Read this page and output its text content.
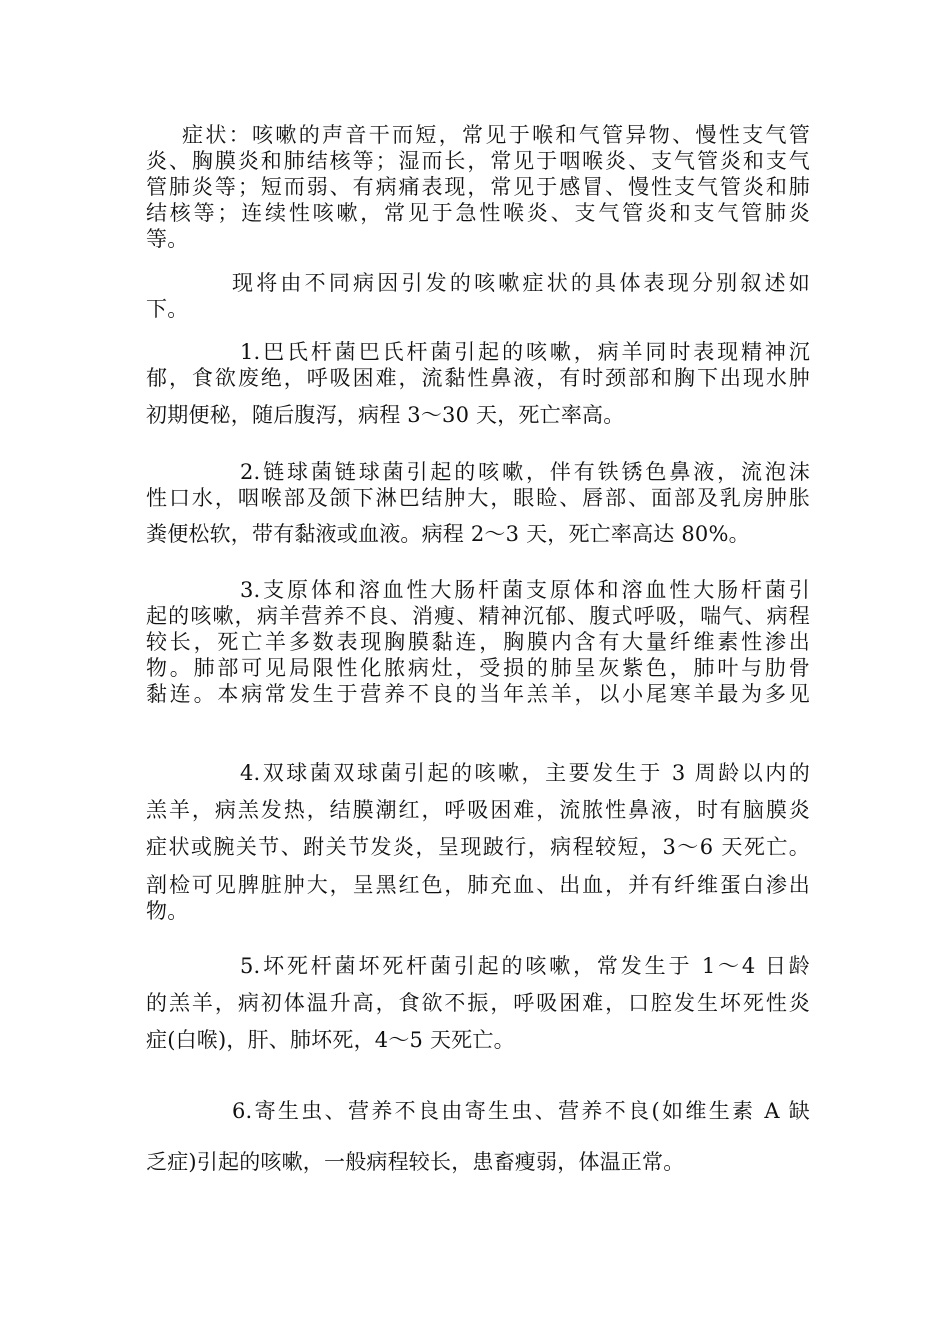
症状：咳嗽的声音干而短，常见于喉和气管异物、慢性支气管
炎、胸膜炎和肺结核等；湿而长，常见于咽喉炎、支气管炎和支气
管肺炎等；短而弱、有病痛表现，常见于感冒、慢性支气管炎和肺
结核等；连续性咳嗽，常见于急性喉炎、支气管炎和支气管肺炎
等。
现将由不同病因引发的咳嗽症状的具体表现分别叙述如
下。
1.巴氏杆菌巴氏杆菌引起的咳嗽，病羊同时表现精神沉
郁，食欲废绝，呼吸困难，流黏性鼻液，有时颈部和胸下出现水肿
初期便秘，随后腹泻，病程 3～30 天，死亡率高。
2.链球菌链球菌引起的咳嗽，伴有铁锈色鼻液，流泡沫
性口水，咽喉部及颌下淋巴结肿大，眼睑、唇部、面部及乳房肿胀
粪便松软，带有黏液或血液。病程 2～3 天，死亡率高达 80%。
3.支原体和溶血性大肠杆菌支原体和溶血性大肠杆菌引
起的咳嗽，病羊营养不良、消瘦、精神沉郁、腹式呼吸，喘气、病程
较长，死亡羊多数表现胸膜黏连，胸膜内含有大量纤维素性渗出
物。肺部可见局限性化脓病灶，受损的肺呈灰紫色，肺叶与肋骨
黏连。本病常发生于营养不良的当年羔羊，以小尾寒羊最为多见
4.双球菌双球菌引起的咳嗽，主要发生于 3 周龄以内的
羔羊，病羔发热，结膜潮红，呼吸困难，流脓性鼻液，时有脑膜炎
症状或腕关节、跗关节发炎，呈现跛行，病程较短，3～6 天死亡。
剖检可见脾脏肿大，呈黑红色，肺充血、出血，并有纤维蛋白渗出
物。
5.坏死杆菌坏死杆菌引起的咳嗽，常发生于 1～4 日龄
的羔羊，病初体温升高，食欲不振，呼吸困难，口腔发生坏死性炎
症(白喉)，肝、肺坏死，4～5 天死亡。
6.寄生虫、营养不良由寄生虫、营养不良(如维生素 A 缺
乏症)引起的咳嗽，一般病程较长，患畜瘦弱，体温正常。
